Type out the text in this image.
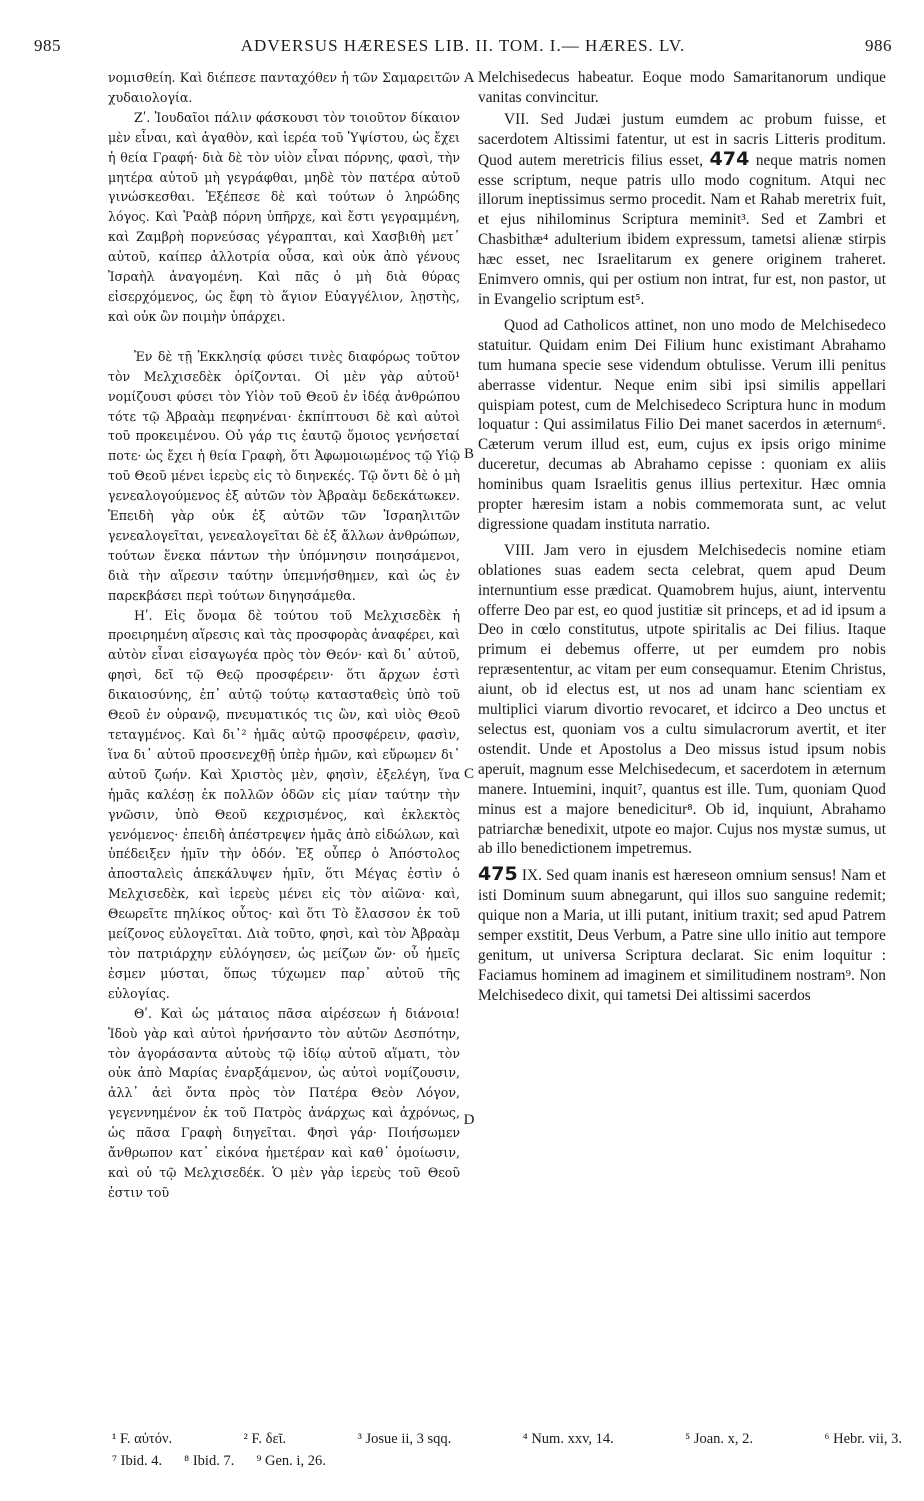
985	ADVERSUS HÆRESES LIB. II. TOM. I.— HÆRES. LV.	986

νομισθείη. Καὶ διέπεσε πανταχόθεν ἡ τῶν Σαμαρειτῶν χυδαιολογία.

Ζʹ. Ἰουδαῖοι πάλιν φάσκουσι τὸν τοιοῦτον δίκαιον μὲν εἶναι, καὶ ἀγαθὸν, καὶ ἱερέα τοῦ Ὑψίστου, ὡς ἔχει ἡ θεία Γραφή· διὰ δὲ τὸν υἱὸν εἶναι πόρνης, φασὶ, τὴν μητέρα αὐτοῦ μὴ γεγράφθαι, μηδὲ τὸν πατέρα αὐτοῦ γινώσκεσθαι. Ἐξέπεσε δὲ καὶ τούτων ὁ ληρώδης λόγος. Καὶ Ῥαὰβ πόρνη ὑπῆρχε, καὶ ἔστι γεγραμμένη, καὶ Ζαμβρὴ πορνεύσας γέγραπται, καὶ Χασβιθὴ μετ᾽ αὐτοῦ, καίπερ ἀλλοτρία οὖσα, καὶ οὐκ ἀπὸ γένους Ἰσραὴλ ἀναγομένη. Καὶ πᾶς ὁ μὴ διὰ θύρας εἰσερχόμενος, ὡς ἔφη τὸ ἅγιον Εὐαγγέλιον, λῃστὴς, καὶ οὐκ ὢν ποιμὴν ὑπάρχει.

Ἐν δὲ τῇ Ἐκκλησίᾳ φύσει τινὲς διαφόρως τοῦτον τὸν Μελχισεδὲκ ὁρίζονται. Οἱ μὲν γὰρ αὐτοῦ¹ νομίζουσι φύσει τὸν Υἱὸν τοῦ Θεοῦ ἐν ἰδέᾳ ἀνθρώπου τότε τῷ Ἀβραὰμ πεφηνέναι· ἐκπίπτουσι δὲ καὶ αὐτοὶ τοῦ προκειμένου. Οὐ γάρ τις ἑαυτῷ ὅμοιος γενήσεταί ποτε· ὡς ἔχει ἡ θεία Γραφὴ, ὅτι Ἀφωμοιωμένος τῷ Υἱῷ τοῦ Θεοῦ μένει ἱερεὺς εἰς τὸ διηνεκές. Τῷ ὄντι δὲ ὁ μὴ γενεαλογούμενος ἐξ αὐτῶν τὸν Ἀβραὰμ δεδεκάτωκεν. Ἐπειδὴ γὰρ οὐκ ἐξ αὐτῶν τῶν Ἰσραηλιτῶν γενεαλογεῖται, γενεαλογεῖται δὲ ἐξ ἄλλων ἀνθρώπων, τούτων ἕνεκα πάντων τὴν ὑπόμνησιν ποιησάμενοι, διὰ τὴν αἵρεσιν ταύτην ὑπεμνήσθημεν, καὶ ὡς ἐν παρεκβάσει περὶ τούτων διηγησάμεθα.

Ηʹ. Εἰς ὄνομα δὲ τούτου τοῦ Μελχισεδὲκ ἡ προειρημένη αἵρεσις καὶ τὰς προσφορὰς ἀναφέρει, καὶ αὐτὸν εἶναι εἰσαγωγέα πρὸς τὸν Θεόν· καὶ δι᾽ αὐτοῦ, φησὶ, δεῖ τῷ Θεῷ προσφέρειν· ὅτι ἄρχων ἐστὶ δικαιοσύνης, ἐπ᾽ αὐτῷ τούτῳ κατασταθεὶς ὑπὸ τοῦ Θεοῦ ἐν οὐρανῷ, πνευματικός τις ὢν, καὶ υἱὸς Θεοῦ τεταγμένος. Καὶ δι᾽² ἡμᾶς αὐτῷ προσφέρειν, φασὶν, ἵνα δι᾽ αὐτοῦ προσενεχθῇ ὑπὲρ ἡμῶν, καὶ εὕρωμεν δι᾽ αὐτοῦ ζωήν. Καὶ Χριστὸς μὲν, φησὶν, ἐξελέγη, ἵνα ἡμᾶς καλέσῃ ἐκ πολλῶν ὁδῶν εἰς μίαν ταύτην τὴν γνῶσιν, ὑπὸ Θεοῦ κεχρισμένος, καὶ ἐκλεκτὸς γενόμενος· ἐπειδὴ ἀπέστρεψεν ἡμᾶς ἀπὸ εἰδώλων, καὶ ὑπέδειξεν ἡμῖν τὴν ὁδόν. Ἐξ οὗπερ ὁ Ἀπόστολος ἀποσταλεὶς ἀπεκάλυψεν ἡμῖν, ὅτι Μέγας ἐστὶν ὁ Μελχισεδὲκ, καὶ ἱερεὺς μένει εἰς τὸν αἰῶνα· καὶ, Θεωρεῖτε πηλίκος οὗτος· καὶ ὅτι Τὸ ἔλασσον ἐκ τοῦ μείζονος εὐλογεῖται. Διὰ τοῦτο, φησὶ, καὶ τὸν Ἀβραὰμ τὸν πατριάρχην εὐλόγησεν, ὡς μείζων ὤν· οὗ ἡμεῖς ἐσμεν μύσται, ὅπως τύχωμεν παρ᾽ αὐτοῦ τῆς εὐλογίας.

Θʹ. Καὶ ὡς μάταιος πᾶσα αἱρέσεων ἡ διάνοια! Ἰδοὺ γὰρ καὶ αὐτοὶ ἠρνήσαντο τὸν αὐτῶν Δεσπότην, τὸν ἀγοράσαντα αὐτοὺς τῷ ἰδίῳ αὐτοῦ αἵματι, τὸν οὐκ ἀπὸ Μαρίας ἐναρξάμενον, ὡς αὐτοὶ νομίζουσιν, ἀλλ᾽ ἀεὶ ὄντα πρὸς τὸν Πατέρα Θεὸν Λόγον, γεγεννημένον ἐκ τοῦ Πατρὸς ἀνάρχως καὶ ἀχρόνως, ὡς πᾶσα Γραφὴ διηγεῖται. Φησὶ γάρ· Ποιήσωμεν ἄνθρωπον κατ᾽ εἰκόνα ἡμετέραν καὶ καθ᾽ ὁμοίωσιν, καὶ οὐ τῷ Μελχισεδέκ. Ὁ μὲν γὰρ ἱερεὺς τοῦ Θεοῦ ἐστιν τοῦ

A
B
C
D

Melchisedecus habeatur. Eoque modo Samaritanorum undique vanitas convincitur.

VII. Sed Judæi justum eumdem ac probum fuisse, et sacerdotem Altissimi fatentur, ut est in sacris Litteris proditum. Quod autem meretricis filius esset, 474 neque matris nomen esse scriptum, neque patris ullo modo cognitum. Atqui nec illorum ineptissimus sermo procedit. Nam et Rahab meretrix fuit, et ejus nihilominus Scriptura meminit³. Sed et Zambri et Chasbithæ⁴ adulterium ibidem expressum, tametsi alienæ stirpis hæc esset, nec Israelitarum ex genere originem traheret. Enimvero omnis, qui per ostium non intrat, fur est, non pastor, ut in Evangelio scriptum est⁵.

Quod ad Catholicos attinet, non uno modo de Melchisedeco statuitur. Quidam enim Dei Filium hunc existimant Abrahamo tum humana specie sese videndum obtulisse. Verum illi penitus aberrasse videntur. Neque enim sibi ipsi similis appellari quispiam potest, cum de Melchisedeco Scriptura hunc in modum loquatur : Qui assimilatus Filio Dei manet sacerdos in æternum⁶. Cæterum verum illud est, eum, cujus ex ipsis origo minime duceretur, decumas ab Abrahamo cepisse : quoniam ex aliis hominibus quam Israelitis genus illius pertexitur. Hæc omnia propter hæresim istam a nobis commemorata sunt, ac velut digressione quadam instituta narratio.

VIII. Jam vero in ejusdem Melchisedecis nomine etiam oblationes suas eadem secta celebrat, quem apud Deum internuntium esse prædicat. Quamobrem hujus, aiunt, interventu offerre Deo par est, eo quod justitiæ sit princeps, et ad id ipsum a Deo in cœlo constitutus, utpote spiritalis ac Dei filius. Itaque primum ei debemus offerre, ut per eumdem pro nobis repræsententur, ac vitam per eum consequamur. Etenim Christus, aiunt, ob id electus est, ut nos ad unam hanc scientiam ex multiplici viarum divortio revocaret, et idcirco a Deo unctus et selectus est, quoniam vos a cultu simulacrorum avertit, et iter ostendit. Unde et Apostolus a Deo missus istud ipsum nobis aperuit, magnum esse Melchisedecum, et sacerdotem in æternum manere. Intuemini, inquit⁷, quantus est ille. Tum, quoniam Quod minus est a majore benedicitur⁸. Ob id, inquiunt, Abrahamo patriarchæ benedixit, utpote eo major. Cujus nos mystæ sumus, ut ab illo benedictionem impetremus.

475 IX. Sed quam inanis est hæreseon omnium sensus! Nam et isti Dominum suum abnegarunt, qui illos suo sanguine redemit; quique non a Maria, ut illi putant, initium traxit; sed apud Patrem semper exstitit, Deus Verbum, a Patre sine ullo initio aut tempore genitum, ut universa Scriptura declarat. Sic enim loquitur : Faciamus hominem ad imaginem et similitudinem nostram⁹. Non Melchisedeco dixit, qui tametsi Dei altissimi sacerdos

¹ F. αὐτόν.	² F. δεῖ.	³ Josue ii, 3 sqq.	⁴ Num. xxv, 14.	⁵ Joan. x, 2.	⁶ Hebr. vii, 3.
⁷ Ibid. 4. ⁸ Ibid. 7. ⁹ Gen. i, 26.
